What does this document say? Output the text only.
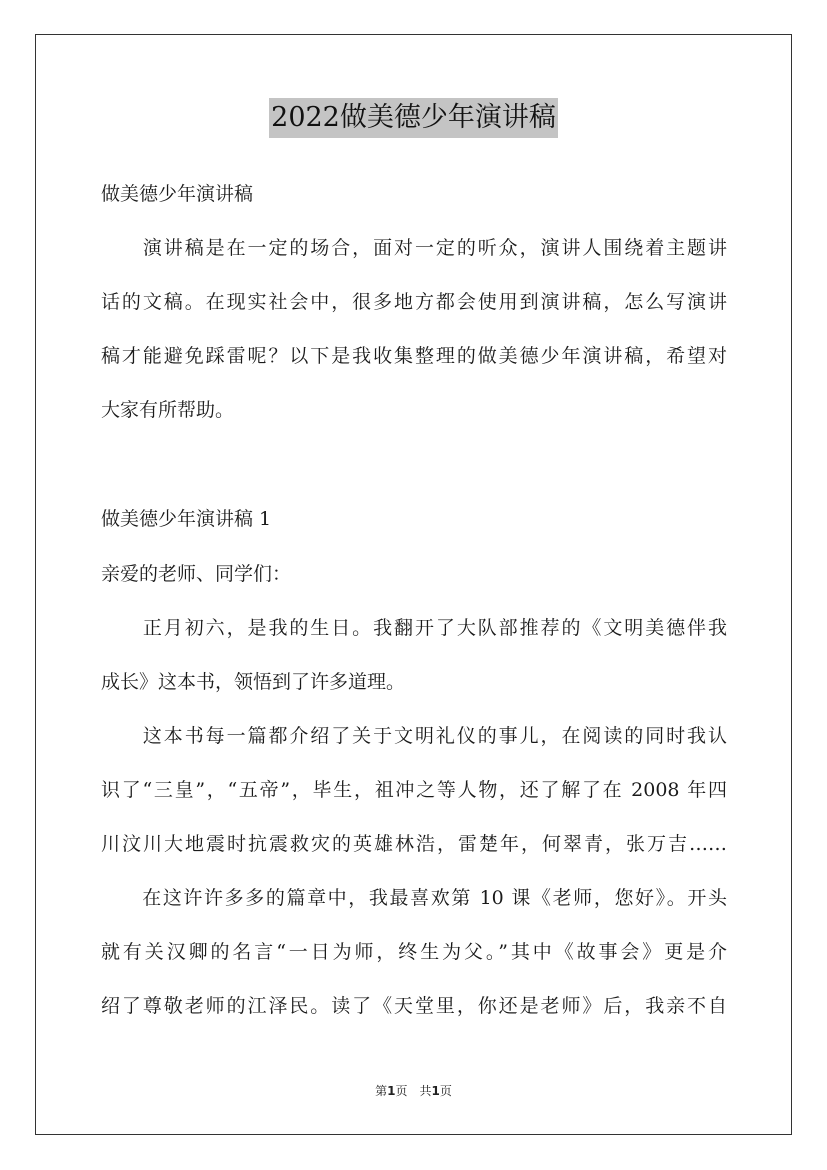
2022做美德少年演讲稿
做美德少年演讲稿
　　演讲稿是在一定的场合，面对一定的听众，演讲人围绕着主题讲
话的文稿。在现实社会中，很多地方都会使用到演讲稿，怎么写演讲
稿才能避免踩雷呢？以下是我收集整理的做美德少年演讲稿，希望对
大家有所帮助。
做美德少年演讲稿 1
亲爱的老师、同学们：
　　正月初六，是我的生日。我翻开了大队部推荐的《文明美德伴我
成长》这本书，领悟到了许多道理。
　　这本书每一篇都介绍了关于文明礼仪的事儿，在阅读的同时我认
识了“三皇”，“五帝”，毕生，祖冲之等人物，还了解了在 2008 年四
川汶川大地震时抗震救灾的英雄林浩，雷楚年，何翠青，张万吉……
　　在这许许多多的篇章中，我最喜欢第 10 课《老师，您好》。开头
就有关汉卿的名言“一日为师，终生为父。”其中《故事会》更是介
绍了尊敬老师的江泽民。读了《天堂里，你还是老师》后，我亲不自
第1页　共1页
